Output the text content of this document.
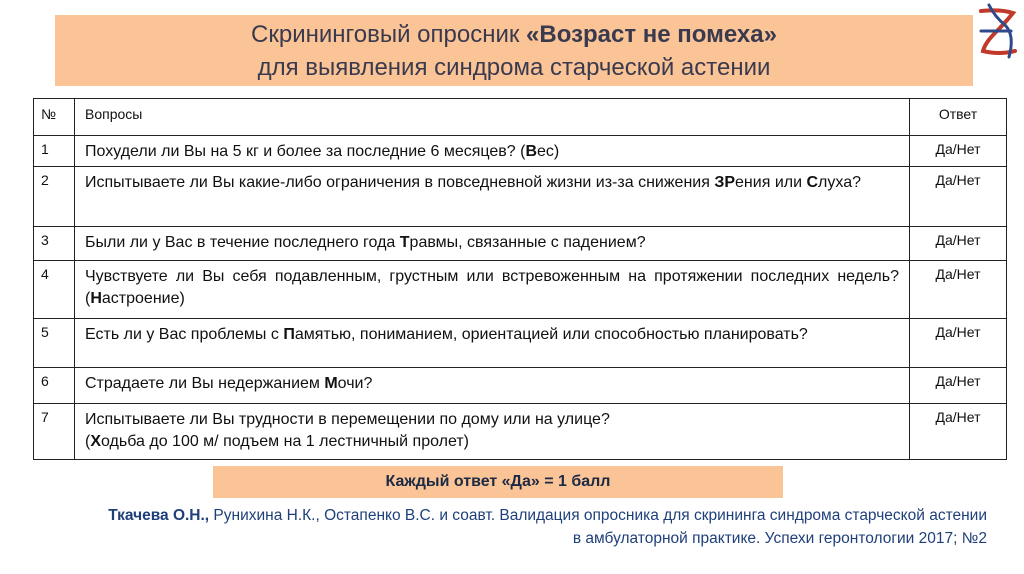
Скрининговый опросник «Возраст не помеха»
для выявления синдрома старческой астении
№	Вопросы	Ответ
1	Похудели ли Вы на 5 кг и более за последние 6 месяцев? (Вес)	Да/Нет
2	Испытываете ли Вы какие-либо ограничения в повседневной жизни из-за снижения ЗРения или Слуха?	Да/Нет
3	Были ли у Вас в течение последнего года Травмы, связанные с падением?	Да/Нет
4	Чувствуете ли Вы себя подавленным, грустным или встревоженным на протяжении последних недель? (Настроение)	Да/Нет
5	Есть ли у Вас проблемы с Памятью, пониманием, ориентацией или способностью планировать?	Да/Нет
6	Страдаете ли Вы недержанием Мочи?	Да/Нет
7	Испытываете ли Вы трудности в перемещении по дому или на улице?
(Ходьба до 100 м/ подъем на 1 лестничный пролет)	Да/Нет
Каждый ответ «Да» = 1 балл
Ткачева О.Н., Рунихина Н.К., Остапенко В.С. и соавт. Валидация опросника для скрининга синдрома старческой астении
в амбулаторной практике. Успехи геронтологии 2017; №2
